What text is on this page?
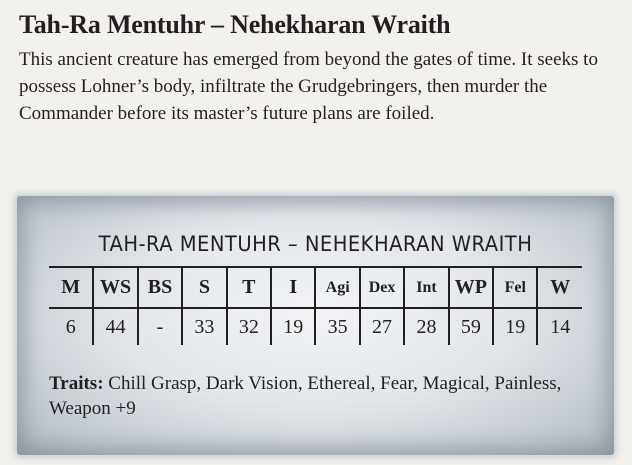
Tah-Ra Mentuhr – Nehekharan Wraith

This ancient creature has emerged from beyond the gates of time. It seeks to possess Lohner’s body, infiltrate the Grudgebringers, then murder the Commander before its master’s future plans are foiled.

TAH-RA MENTUHR – NEHEKHARAN WRAITH
M	WS	BS	S	T	I	Agi	Dex	Int	WP	Fel	W
6	44	-	33	32	19	35	27	28	59	19	14

Traits: Chill Grasp, Dark Vision, Ethereal, Fear, Magical, Painless, Weapon +9
